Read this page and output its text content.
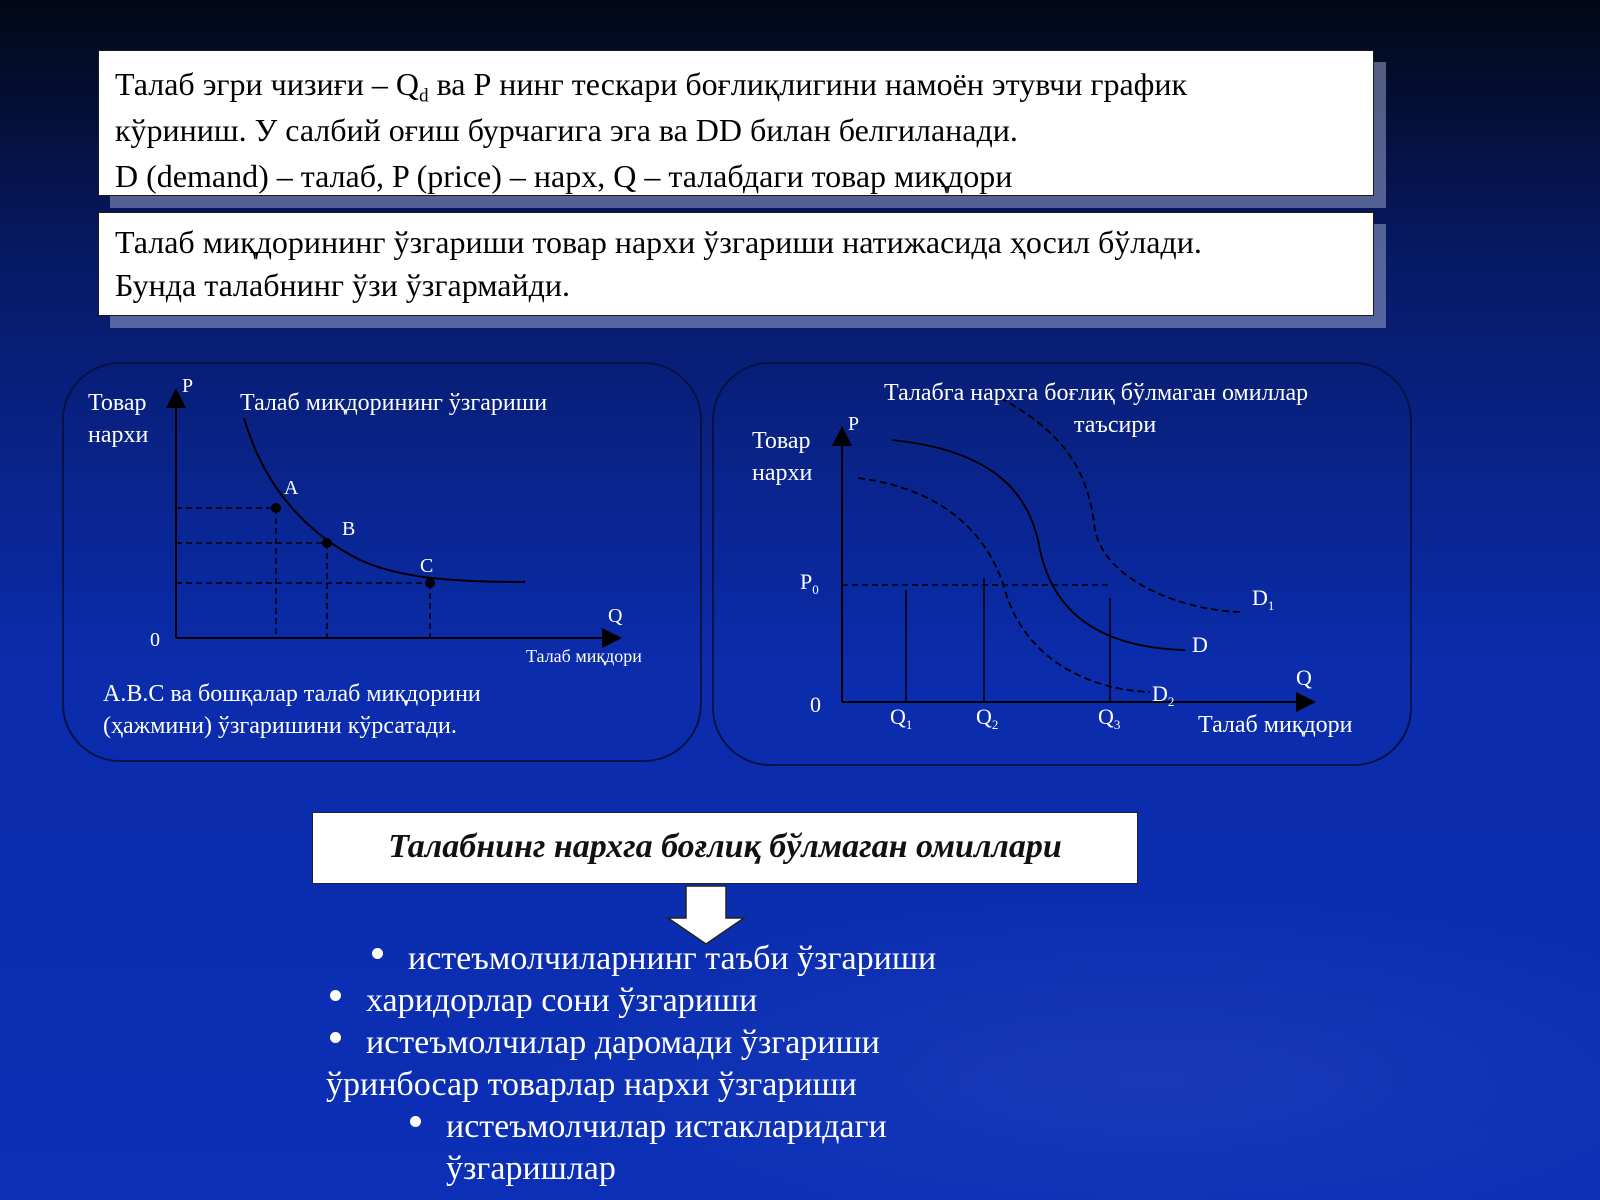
Талаб эгри чизиғи – $Q_d$ ва Р нинг тескари боғлиқлигини намоён этувчи график

кўриниш. У салбий оғиш бурчагига эга ва DD билан белгиланади.

D (demand) – талаб, P (price) – нарх, Q – талабдаги товар миқдори

Талаб миқдорининг ўзгариши товар нархи ўзгариши натижасида ҳосил бўлади.

Бунда талабнинг ўзи ўзгармайди.

Товар
нархи
P
Талаб миқдорининг ўзгариши
A
B
C
Q
0
Талаб миқдори
А.В.С ва бошқалар талаб миқдорини
(ҳажмини) ўзгаришини кўрсатади.
Талабга нархга боғлиқ бўлмаган омиллар
таъсири
P
Товар
нархи
$P_0$	$D_1$
D
$D_2$
Q
0	$Q_1$	$Q_2$	$Q_3$	Талаб миқдори
Талабнинг нархга боғлиқ бўлмаган омиллари
истеъмолчиларнинг таъби ўзгариши
харидорлар сони ўзгариши
истеъмолчилар даромади ўзгариши
ўринбосар товарлар нархи ўзгариши
истеъмолчилар истакларидаги
ўзгаришлар
